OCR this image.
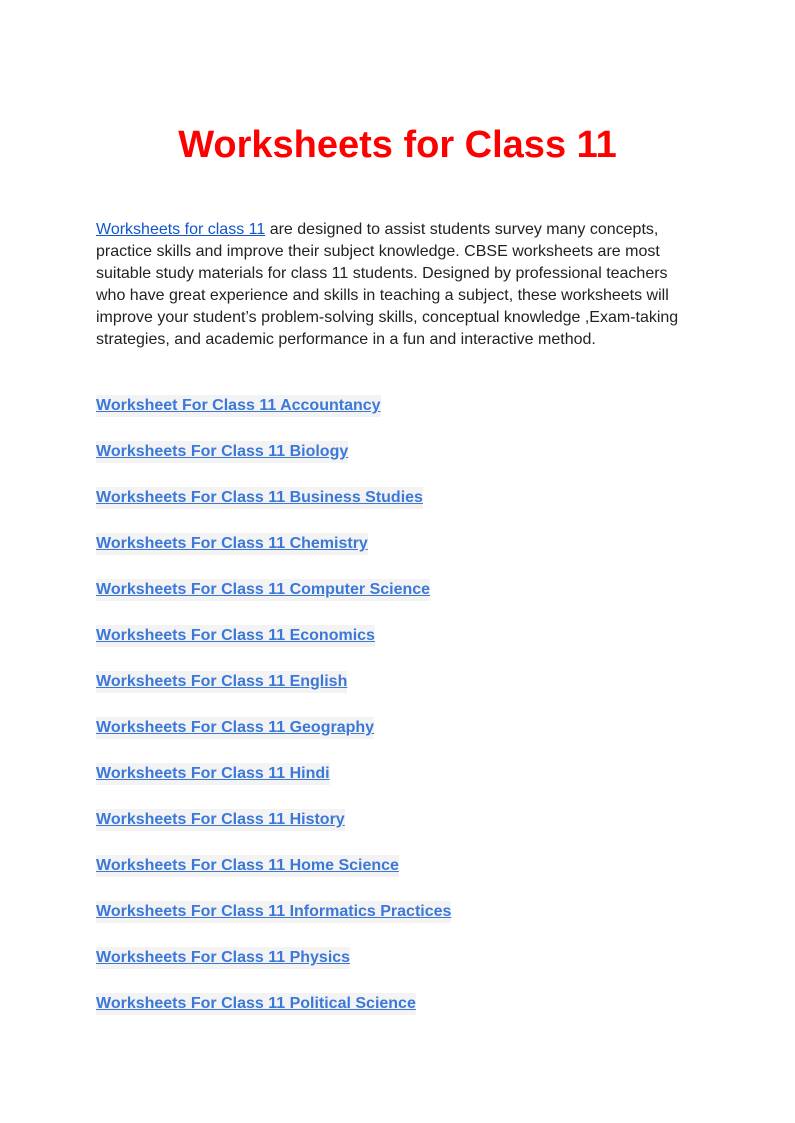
Worksheets for Class 11

Worksheets for class 11 are designed to assist students survey many concepts, practice skills and improve their subject knowledge. CBSE worksheets are most suitable study materials for class 11 students. Designed by professional teachers who have great experience and skills in teaching a subject, these worksheets will improve your student’s problem-solving skills, conceptual knowledge ,Exam-taking strategies, and academic performance in a fun and interactive method.

Worksheet For Class 11 Accountancy
Worksheets For Class 11 Biology
Worksheets For Class 11 Business Studies
Worksheets For Class 11 Chemistry
Worksheets For Class 11 Computer Science
Worksheets For Class 11 Economics
Worksheets For Class 11 English
Worksheets For Class 11 Geography
Worksheets For Class 11 Hindi
Worksheets For Class 11 History
Worksheets For Class 11 Home Science
Worksheets For Class 11 Informatics Practices
Worksheets For Class 11 Physics
Worksheets For Class 11 Political Science
